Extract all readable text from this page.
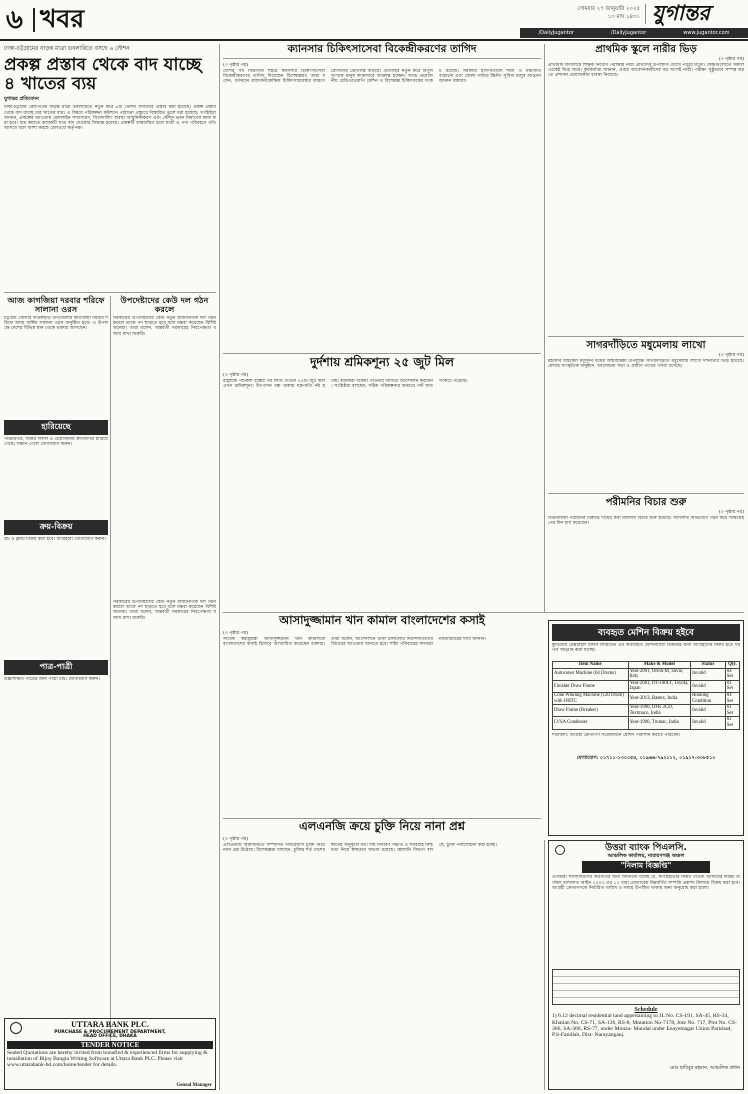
৬ খবর	সোমবার ২৭ জানুয়ারি ২০২৫
১৩ মাঘ ১৪৩১ যুগান্তর
/DailyJugantor	/DailyJugantor	www.jugantor.com
ঢাকা-চট্টগ্রামের বাড়ন্ত মাত্রা ডবলারিতে বসছে ৬ স্টেশন
প্রকল্প প্রস্তাব থেকে বাদ যাচ্ছে ৪ খাতের ব্যয়
যুগান্তর প্রতিবেদন
ঢাকা-চট্টগ্রাম রেলপথের বাড়ন্ত মাত্রা ডবলারিতে নতুন করে ৬টি স্টেশন বসানোর প্রস্তাব করা হয়েছে। প্রকল্প প্রস্তাব থেকে বাদ যাচ্ছে চার খাতের ব্যয়। এ বিষয়ে পরিকল্পনা কমিশনে পাঠানো প্রস্তাবে বিস্তারিত তুলে ধরা হয়েছে। সংশ্লিষ্টরা জানান, প্রকল্পের আওতায় রেললাইন সম্প্রসারণ, সিগন্যালিং ব্যবস্থা আধুনিকীকরণ এবং স্টেশন ভবন নির্মাণের কাজ করা হবে। ব্যয় কমাতে কয়েকটি খাত বাদ দেওয়ার সিদ্ধান্ত হয়েছে। প্রকল্পটি বাস্তবায়িত হলে যাত্রী ও পণ্য পরিবহণে গতি আসবে বলে আশা করছে রেলওয়ে কর্তৃপক্ষ।
আজ কাগজিয়া দরবার শরিফে সালানা ওরস
চট্টগ্রাম জেলার ফটিকছড়ি উপজেলার কাগজিয়া দরবার শরিফে আজ বার্ষিক সালানা ওরস অনুষ্ঠিত হবে। এ উপলক্ষে দেশের বিভিন্ন স্থান থেকে ভক্তরা আসছেন।
উপদেষ্টাদের কেউ দল গঠন করলে
সরকারের উপদেষ্টাদের কেউ নতুন রাজনৈতিক দল গঠন করলে তাকে পদ ছাড়তে হবে বলে মন্তব্য করেছেন বিশিষ্টজনেরা। তারা বলেন, অন্তর্বর্তী সরকারের নিরপেক্ষতা বজায় রাখা জরুরি।
সরকারের উপদেষ্টাদের কেউ নতুন রাজনৈতিক দল গঠন করলে তাকে পদ ছাড়তে হবে বলে মন্তব্য করেছেন বিশিষ্টজনেরা। তারা বলেন, অন্তর্বর্তী সরকারের নিরপেক্ষতা বজায় রাখা জরুরি।
হারিয়েছে
পরিচয়পত্র, জমির দলিল ও প্রয়োজনীয় কাগজপত্র হারিয়ে গেছে। সন্ধান পেলে যোগাযোগ করুন।
ক্রয়-বিক্রয়
প্লট ও ফ্ল্যাট বিক্রয় করা হবে। আগ্রহীরা যোগাযোগ করুন।
পাত্র-পাত্রী
উচ্চশিক্ষিত পাত্রের জন্য পাত্রী চাই। যোগাযোগ করুন।
UTTARA BANK PLC.
PURCHASE & PROCUREMENT DEPARTMENT,
HEAD OFFICE, DHAKA
TENDER NOTICE
Sealed Quotations are hereby invited from bonafied & experienced firms for supplying & installation of Bijoy Bangla Writing Software at Uttara Bank PLC. Please visit www.uttarabank-bd.com/home/tender for details.
Geneal Manager
ক্যানসার চিকিৎসাসেবা বিকেন্দ্রীকরণের তাগিদ
(৩ পৃষ্ঠার পর)
দেশের সব বিভাগীয় শহরে ক্যানসার চিকিৎসাসেবা বিকেন্দ্রীকরণের তাগিদ দিয়েছেন বিশেষজ্ঞরা। তারা বলেন, বর্তমানে রাজধানীকেন্দ্রিক চিকিৎসাব্যবস্থার কারণে রোগীদের ভোগান্তি বাড়ছে। প্রতিবছর নতুন করে বিপুলসংখ্যক মানুষ ক্যানসারে আক্রান্ত হচ্ছেন। অথচ প্রয়োজনীয় রেডিওথেরাপি মেশিন ও বিশেষজ্ঞ চিকিৎসকের সংকট রয়েছে। সরকারি হাসপাতালে শয্যা ও যন্ত্রপাতি বাড়ানো এবং জেলা পর্যায়ে স্ক্রিনিং সুবিধা চালুর আহ্বান জানান বক্তারা।
প্রাথমিক স্কুলে নারীর ভিড়
(৩ পৃষ্ঠার পর)
প্রাথমিক বিদ্যালয়ে শিক্ষক নিয়োগ পরীক্ষায় নারী প্রার্থীদের উপস্থিতি চোখে পড়ার মতো। কেন্দ্রগুলোতে সকাল থেকেই ভিড় জমে। কর্মকর্তারা জানান, এবার আবেদনকারীদের বড় অংশই নারী। পরীক্ষা সুষ্ঠুভাবে সম্পন্ন করতে প্রশাসন প্রয়োজনীয় ব্যবস্থা নিয়েছে।
সাগরদাঁড়িতে মধুমেলায় লাখো
(৩ পৃষ্ঠার পর)
মহাকবি মাইকেল মধুসূদন দত্তের জন্মবার্ষিকী উপলক্ষে সাগরদাঁড়িতে মধুমেলায় লাখো দর্শনার্থীর ভিড় হয়েছে। মেলায় সাংস্কৃতিক অনুষ্ঠান, আলোচনা সভা ও গ্রামীণ পণ্যের পসরা বসেছে।
পরীমনির বিচার শুরু
(৩ পৃষ্ঠার পর)
চিত্রনায়িকা পরীমনির বিরুদ্ধে দায়ের করা মামলার বিচার শুরু হয়েছে। আদালত অভিযোগ গঠন করে সাক্ষ্যগ্রহণের দিন ধার্য করেছেন।
দুর্দশায় শ্রমিকশূন্য ২৫ জুট মিল
(৩ পৃষ্ঠার পর)
রাষ্ট্রায়ত্ত পাটকল বন্ধের পর লিজ দেওয়া ২৫টি জুট মিল এখন শ্রমিকশূন্য। উৎপাদন বন্ধ থাকায় যন্ত্রপাতি নষ্ট হচ্ছে। শ্রমিকরা বকেয়া পাওনার দাবিতে আন্দোলন করছেন। সংশ্লিষ্টরা বলছেন, সঠিক পরিকল্পনার অভাবে পাট খাত সংকটে পড়েছে।
আসাদুজ্জামান খান কামাল বাংলাদেশের কসাই
(৩ পৃষ্ঠার পর)
সাবেক স্বরাষ্ট্রমন্ত্রী আসাদুজ্জামান খান কামালকে বাংলাদেশের কসাই হিসাবে আখ্যায়িত করেছেন বক্তারা। তারা বলেন, আন্দোলনে গুলি চালানোর নির্দেশদাতাদের বিচারের আওতায় আনতে হবে। শহিদ পরিবারের সদস্যরা ন্যায়বিচারের দাবি জানান।
ব্যবহৃত মেশিন বিক্রয় হইবে
কুড়িগ্রাম টেক্সটাইল মিলস লিমিটেড এর অব্যবহৃত মেশিনারিজ বিক্রয়ের জন্য আগ্রহীদের নিকট হতে দরপত্র আহ্বান করা যাচ্ছে।
Item Name	Make & Model	Status	Qty.
Autoconer Machine (64 Drums)	Year-2001, Orion-M, Savio, Italy	Invalid	04 Set
Finisher Draw Frame	Year-2001, DT-100LT, Toyota, Japan	Invalid	01 Set
Cone Winding Machine (120 Drum) with OHTC	Year-2013, Bastex, India	Running Condition	04 Set
Draw Frame (Breaker)	Year-1990, DFK 2CD, Textmaco, India	Invalid	01 Set
LVSA Condenser	Year-1996, Trumac, India	Invalid	02 Set
শর্তাবলী: আগ্রহী ক্রেতাগণ সরেজমিনে মেশিন পরিদর্শন করতে পারবেন।
যোগাযোগ: ০১৭১১-১৩০০৫৪, ০১৯৬৬-৭৯২০১২, ০১৯১৭-৩০৮৫১০
এলএনজি ক্রয়ে চুক্তি নিয়ে নানা প্রশ্ন
(৩ পৃষ্ঠার পর)
এলএনজি আমদানিতে সম্পাদিত দীর্ঘমেয়াদি চুক্তি নিয়ে নানা প্রশ্ন উঠেছে। বিশেষজ্ঞরা বলছেন, চুক্তির শর্ত দেশের স্বার্থের অনুকূলে নয়। দাম নির্ধারণ পদ্ধতি ও সরবরাহ নিশ্চয়তা নিয়ে স্বচ্ছতার অভাব রয়েছে। জ্বালানি বিভাগ বলছে, চুক্তি পর্যালোচনা করা হচ্ছে।	উত্তরা ব্যাংক পিএলসি.
আঞ্চলিক কার্যালয়, নারায়ণগঞ্জ অঞ্চল
"নিলাম বিজ্ঞপ্তি"
এতদ্বারা সর্বসাধারণের অবগতির জন্য জানানো যাচ্ছে যে, ঋণগ্রহীতার নিকট পাওনা আদায়ের লক্ষ্যে অর্থঋণ আদালত আইন ২০০৩ এর ১২ ধারা মোতাবেক নিম্নবর্ণিত সম্পত্তি প্রকাশ্য নিলামে বিক্রয় করা হবে। আগ্রহী ক্রেতাগণকে নির্ধারিত তারিখ ও সময়ে উপস্থিত থাকার জন্য অনুরোধ করা হলো।
Schedule
1) 6.12 decimal residential land appertaining to JL No. CS-191, SA-45, RS-34, Khatian No. CS-71, SA-136, RS-8, Mutation No-7178, Jote No. 717, Plot No. CS-366, SA-366, RS-77, under Mouza- Mundal under Enayetnagar Union Parishad, P.S-Fatullah, Dist- Narayanganj.
মোঃ হাবিবুর রহমান, আঞ্চলিক প্রধান
